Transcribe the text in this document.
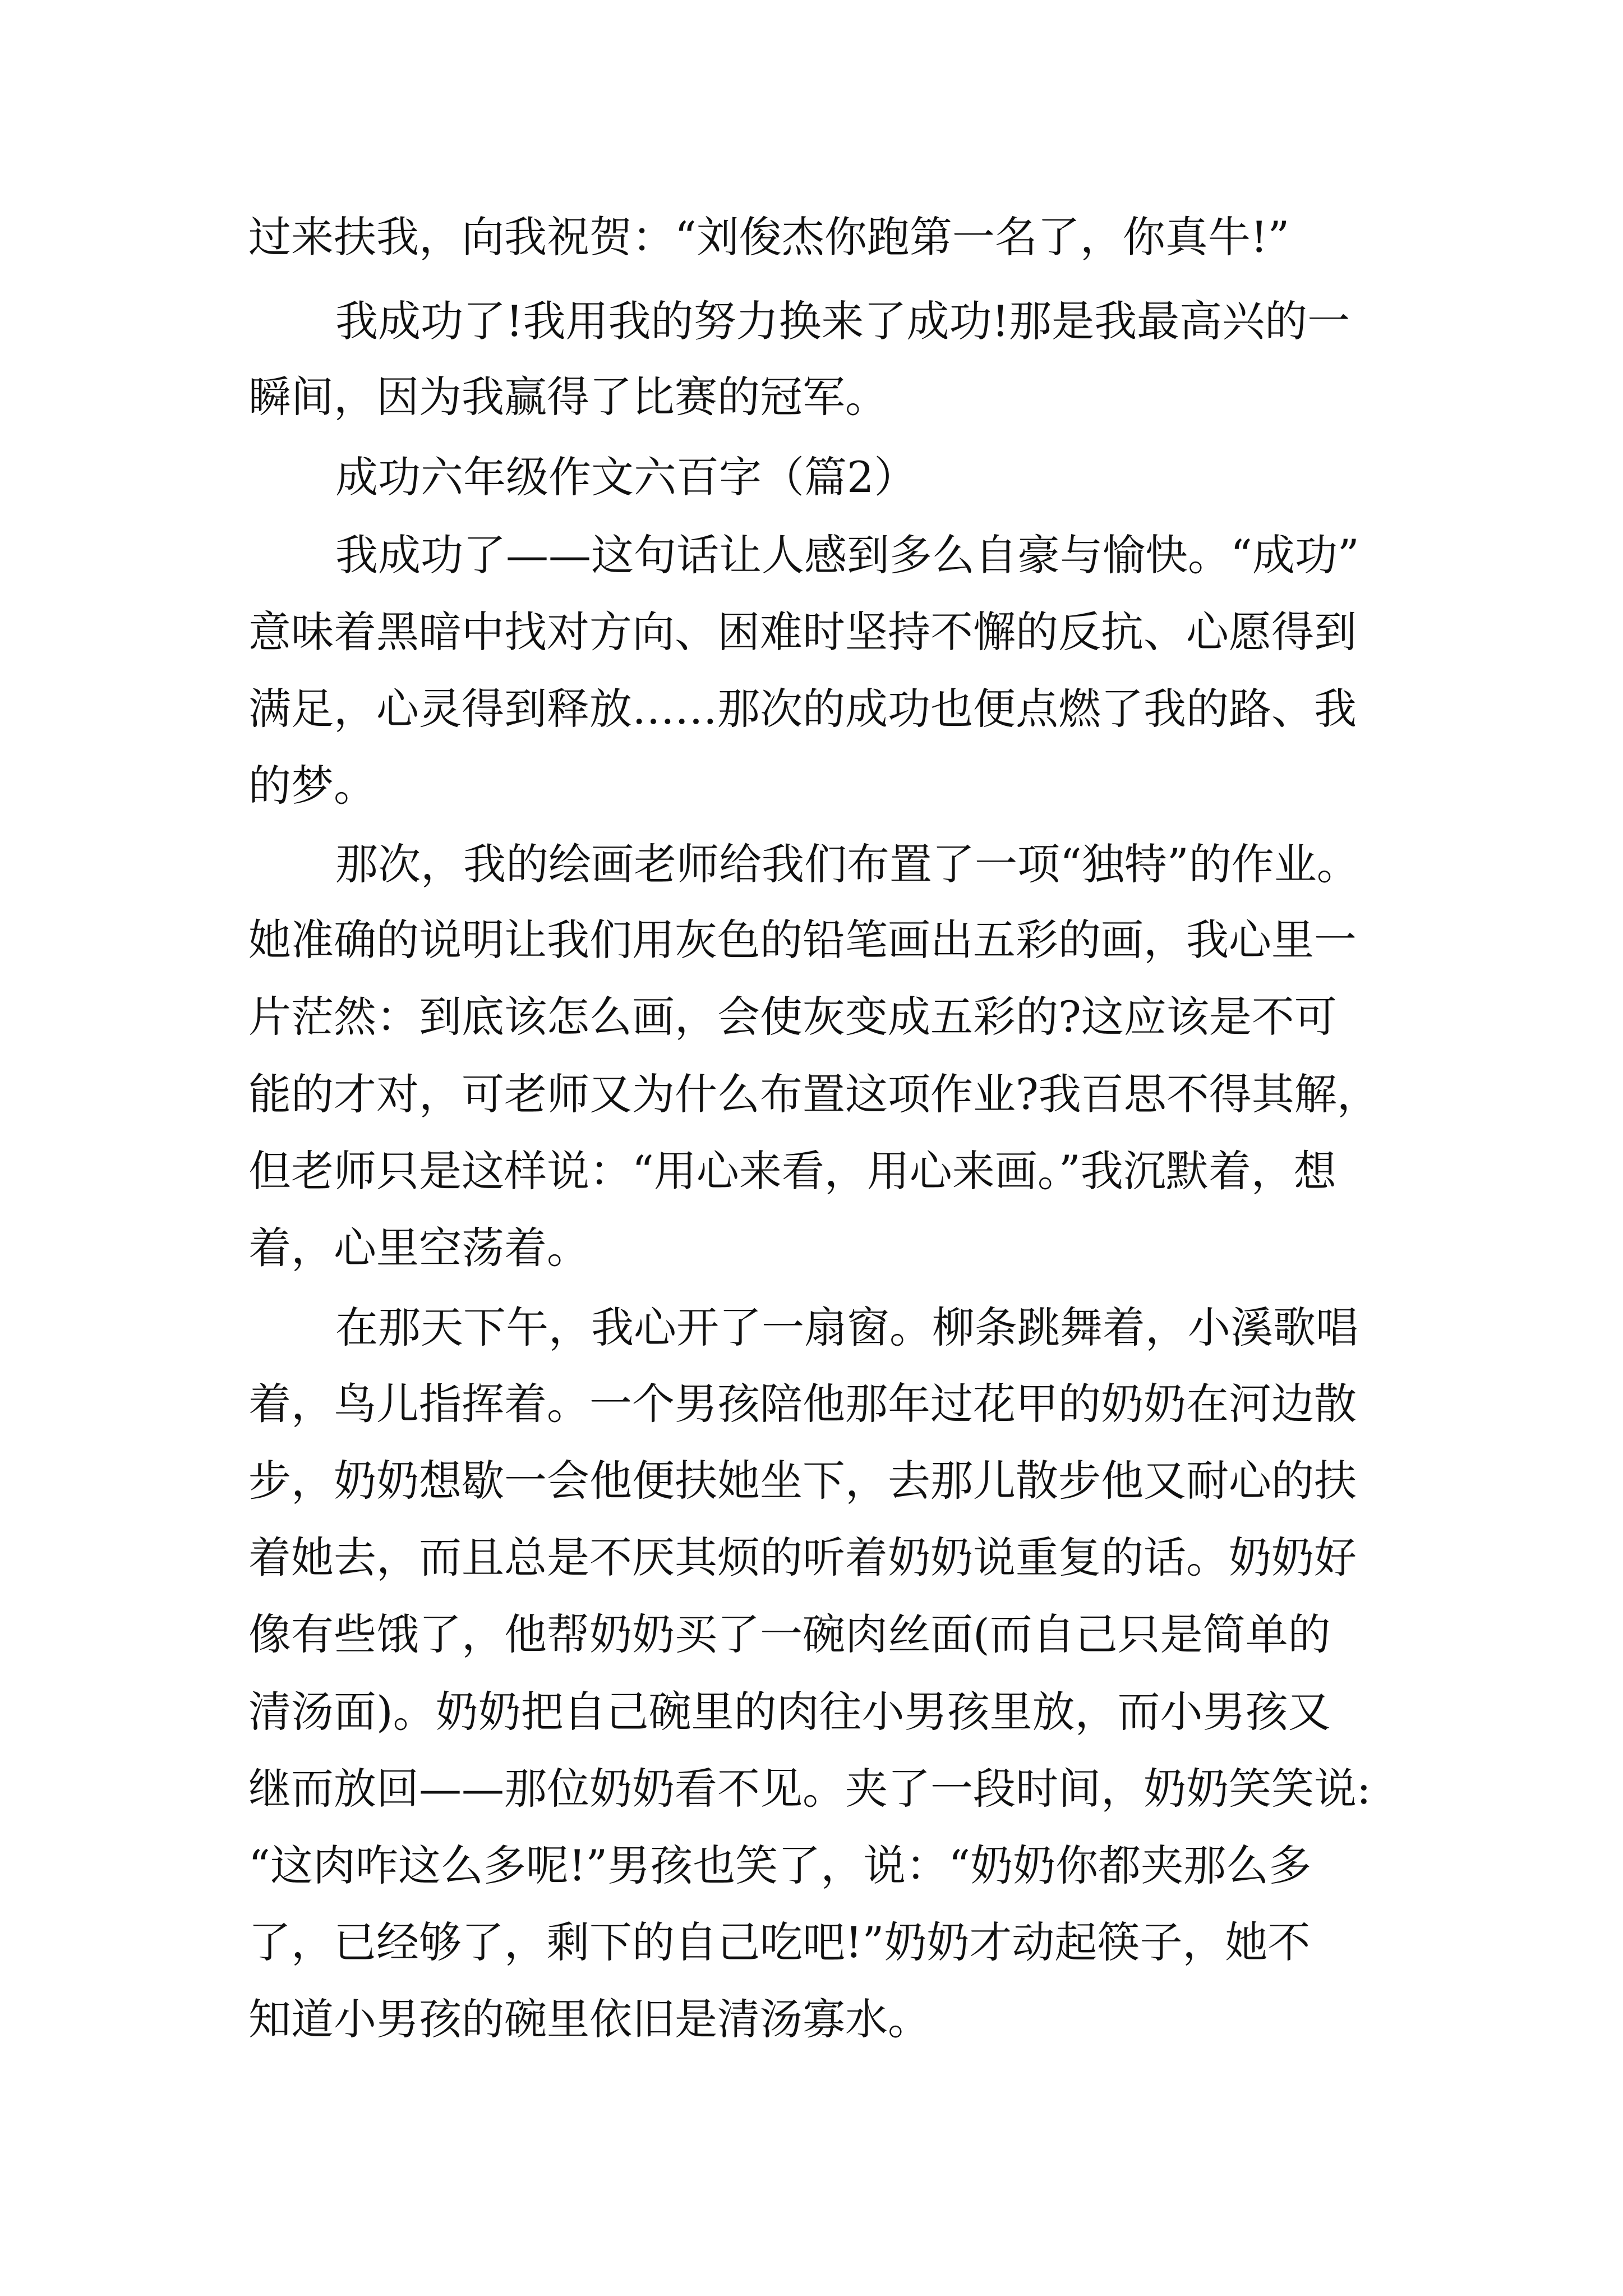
过来扶我，向我祝贺：“刘俊杰你跑第一名了，你真牛!”
我成功了!我用我的努力换来了成功!那是我最高兴的一
瞬间，因为我赢得了比赛的冠军。
成功六年级作文六百字（篇2）
我成功了——这句话让人感到多么自豪与愉快。“成功”
意味着黑暗中找对方向、困难时坚持不懈的反抗、心愿得到
满足，心灵得到释放……那次的成功也便点燃了我的路、我
的梦。
那次，我的绘画老师给我们布置了一项“独特”的作业。
她准确的说明让我们用灰色的铅笔画出五彩的画，我心里一
片茫然：到底该怎么画，会使灰变成五彩的?这应该是不可
能的才对，可老师又为什么布置这项作业?我百思不得其解，
但老师只是这样说：“用心来看，用心来画。”我沉默着，想
着，心里空荡着。
在那天下午，我心开了一扇窗。柳条跳舞着，小溪歌唱
着，鸟儿指挥着。一个男孩陪他那年过花甲的奶奶在河边散
步，奶奶想歇一会他便扶她坐下，去那儿散步他又耐心的扶
着她去，而且总是不厌其烦的听着奶奶说重复的话。奶奶好
像有些饿了，他帮奶奶买了一碗肉丝面(而自己只是简单的
清汤面)。奶奶把自己碗里的肉往小男孩里放，而小男孩又
继而放回——那位奶奶看不见。夹了一段时间，奶奶笑笑说:
“这肉咋这么多呢!”男孩也笑了，说：“奶奶你都夹那么多
了，已经够了，剩下的自己吃吧!”奶奶才动起筷子，她不
知道小男孩的碗里依旧是清汤寡水。
